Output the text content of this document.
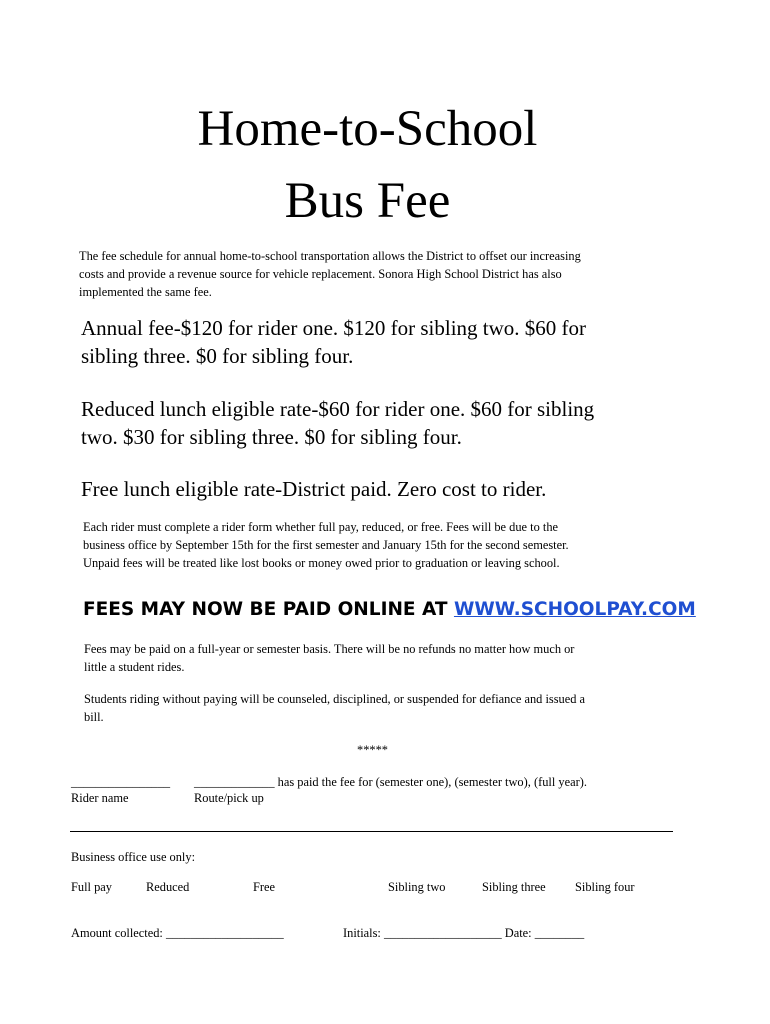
Home-to-School
Bus Fee
The fee schedule for annual home-to-school transportation allows the District to offset our increasing
costs and provide a revenue source for vehicle replacement. Sonora High School District has also
implemented the same fee.
Annual fee-$120 for rider one. $120 for sibling two. $60 for
sibling three. $0 for sibling four.
Reduced lunch eligible rate-$60 for rider one. $60 for sibling
two. $30 for sibling three. $0 for sibling four.
Free lunch eligible rate-District paid. Zero cost to rider.
Each rider must complete a rider form whether full pay, reduced, or free. Fees will be due to the
business office by September 15th for the first semester and January 15th for the second semester.
Unpaid fees will be treated like lost books or money owed prior to graduation or leaving school.
FEES MAY NOW BE PAID ONLINE AT WWW.SCHOOLPAY.COM
Fees may be paid on a full-year or semester basis. There will be no refunds no matter how much or
little a student rides.
Students riding without paying will be counseled, disciplined, or suspended for defiance and issued a
bill.
*****
________________ _____________ has paid the fee for (semester one), (semester two), (full year).
Rider name	Route/pick up
Business office use only:
Full pay	Reduced	Free	Sibling two	Sibling three Sibling four
Amount collected: ___________________	Initials: ___________________ Date: ________
